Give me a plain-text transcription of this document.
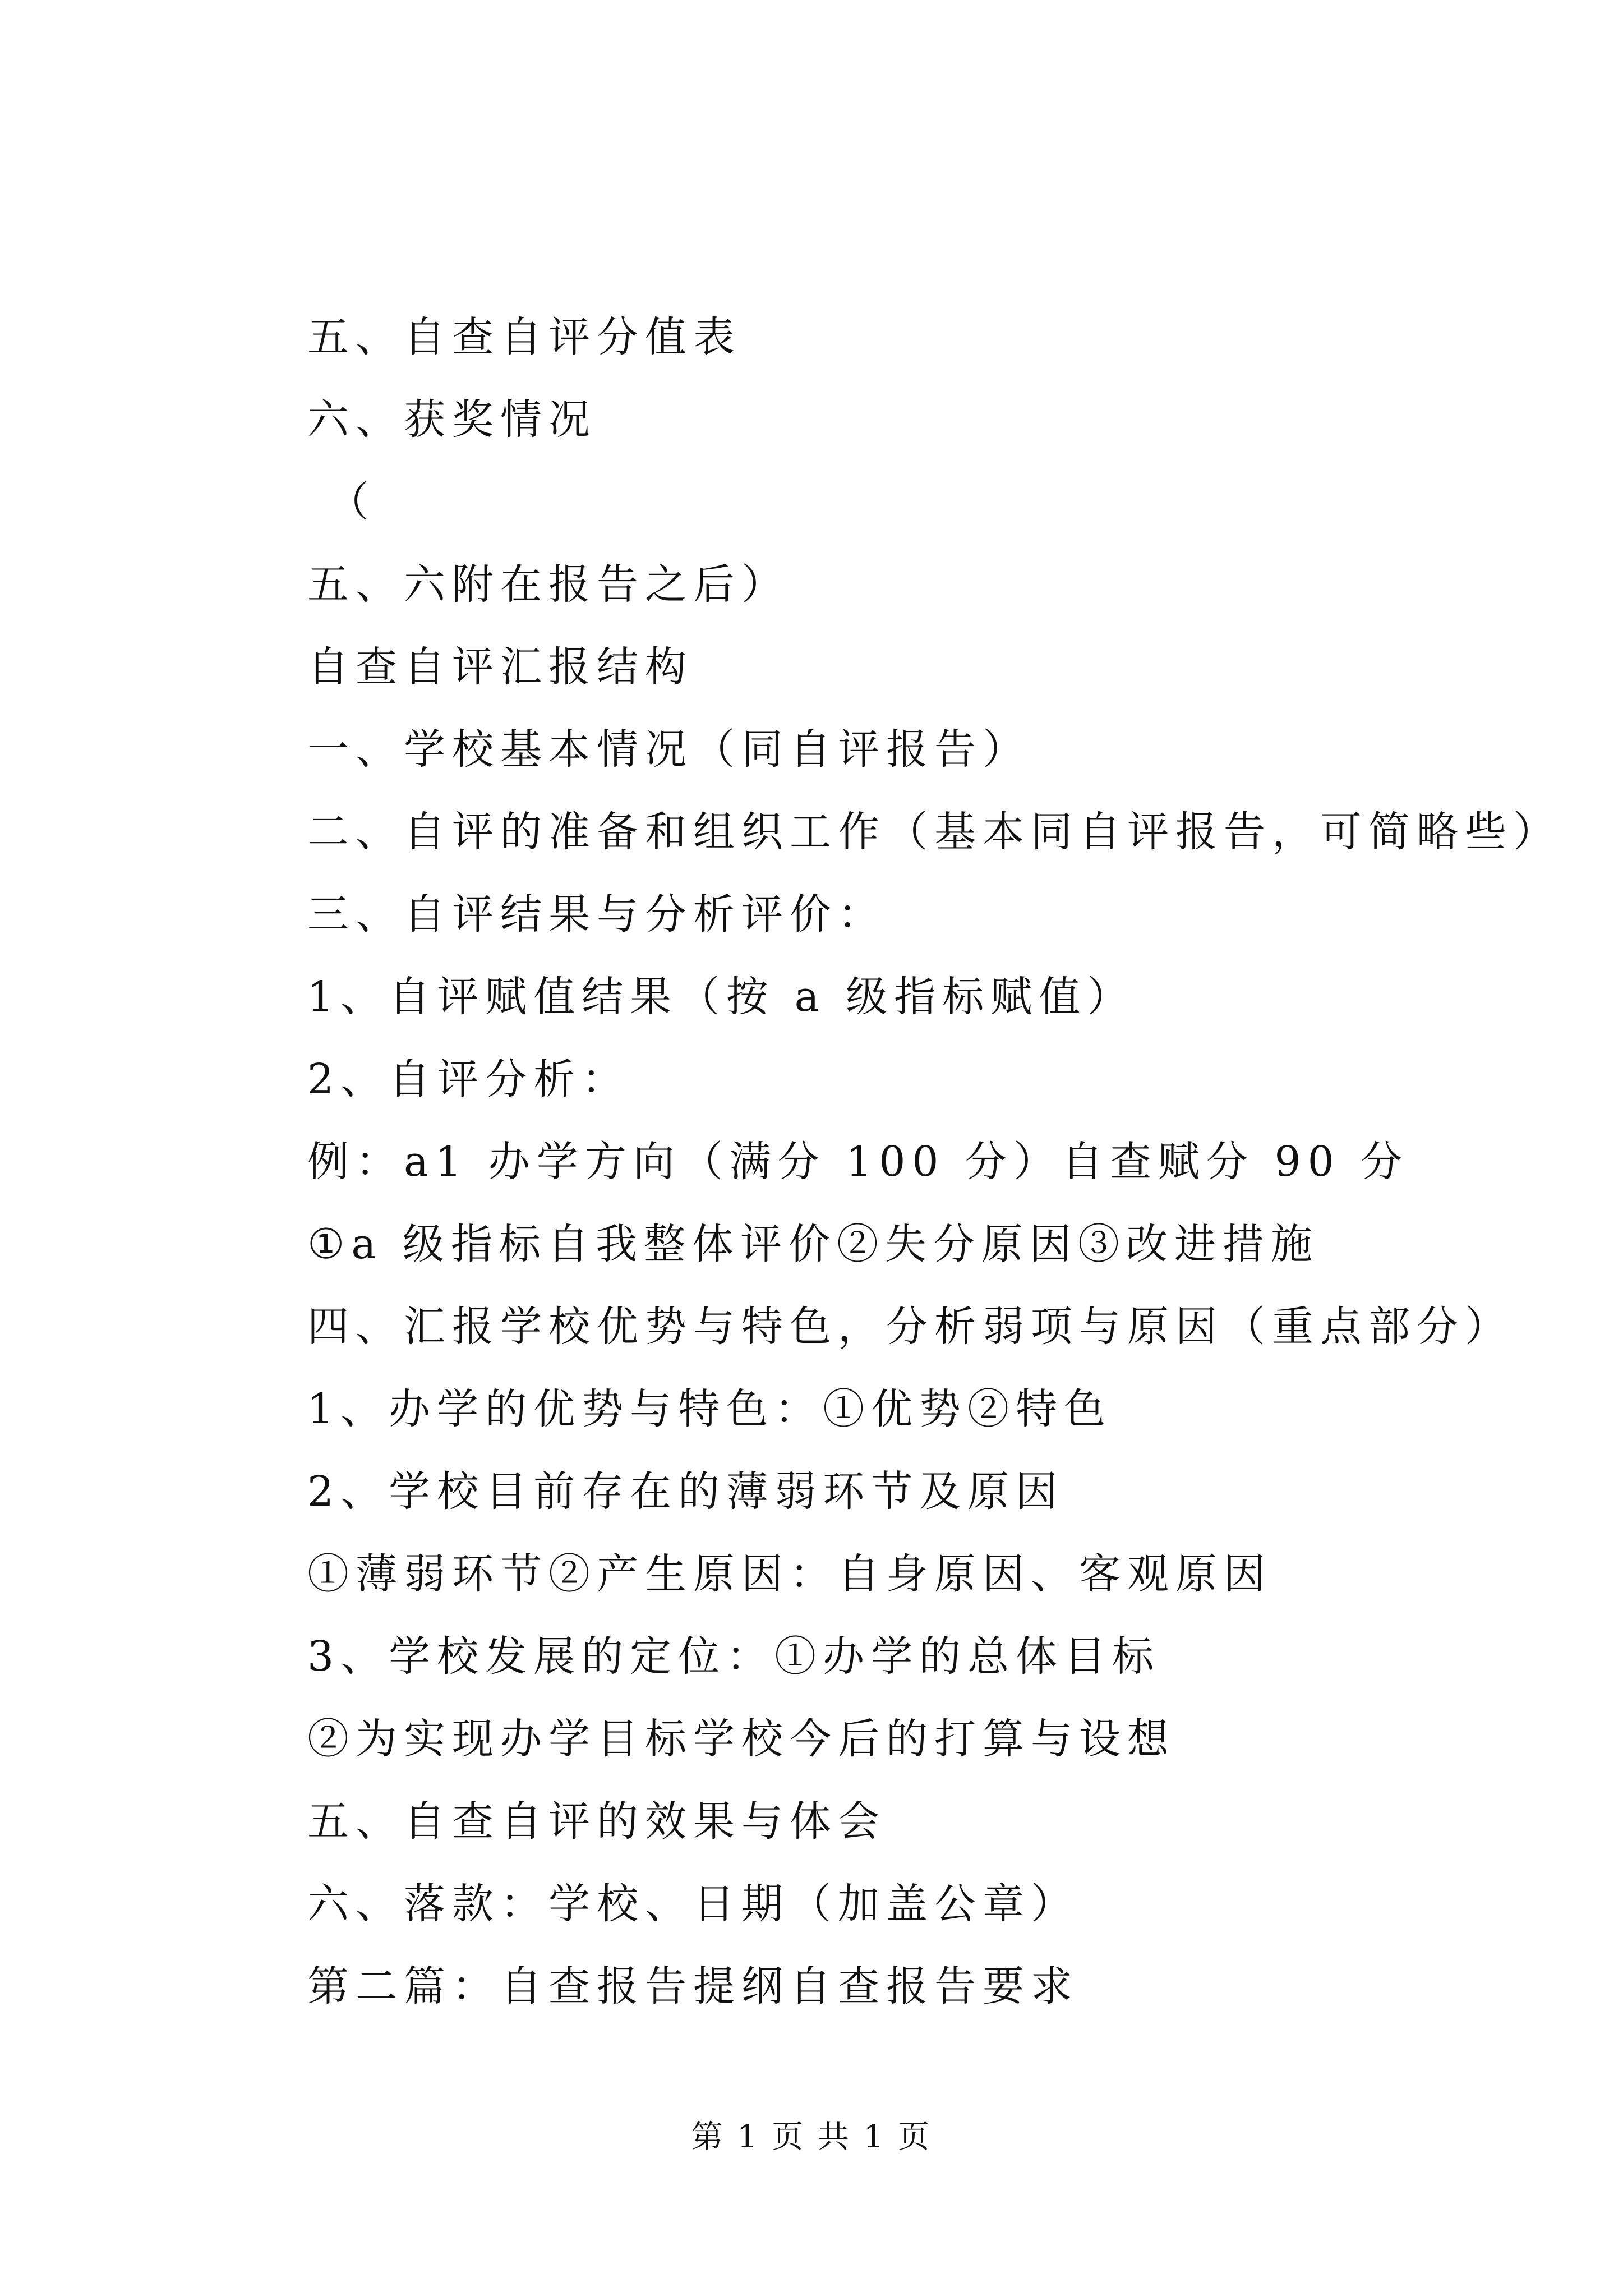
五、自查自评分值表
六、获奖情况
（
五、六附在报告之后）
自查自评汇报结构
一、学校基本情况（同自评报告）
二、自评的准备和组织工作（基本同自评报告，可简略些）
三、自评结果与分析评价：
1、自评赋值结果（按 a 级指标赋值）
2、自评分析：
例：a1 办学方向（满分 100 分）自查赋分 90 分
①a 级指标自我整体评价②失分原因③改进措施
四、汇报学校优势与特色，分析弱项与原因（重点部分）
1、办学的优势与特色：①优势②特色
2、学校目前存在的薄弱环节及原因
①薄弱环节②产生原因：自身原因、客观原因
3、学校发展的定位：①办学的总体目标
②为实现办学目标学校今后的打算与设想
五、自查自评的效果与体会
六、落款：学校、日期（加盖公章）
第二篇：自查报告提纲自查报告要求
第 1 页 共 1 页
